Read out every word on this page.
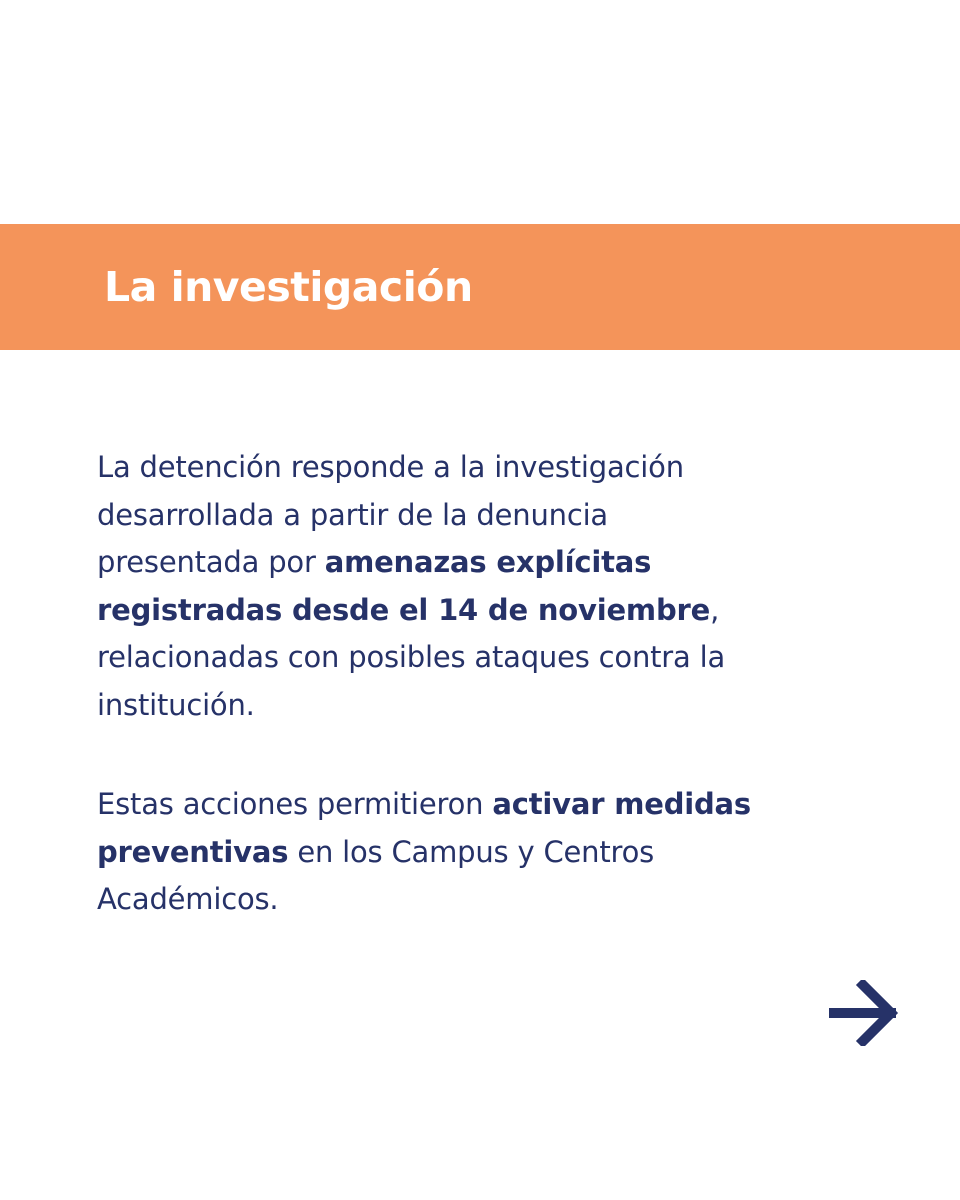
La investigación

La detención responde a la investigación
desarrollada a partir de la denuncia
presentada por amenazas explícitas
registradas desde el 14 de noviembre,
relacionadas con posibles ataques contra la
institución.

Estas acciones permitieron activar medidas
preventivas en los Campus y Centros
Académicos.
